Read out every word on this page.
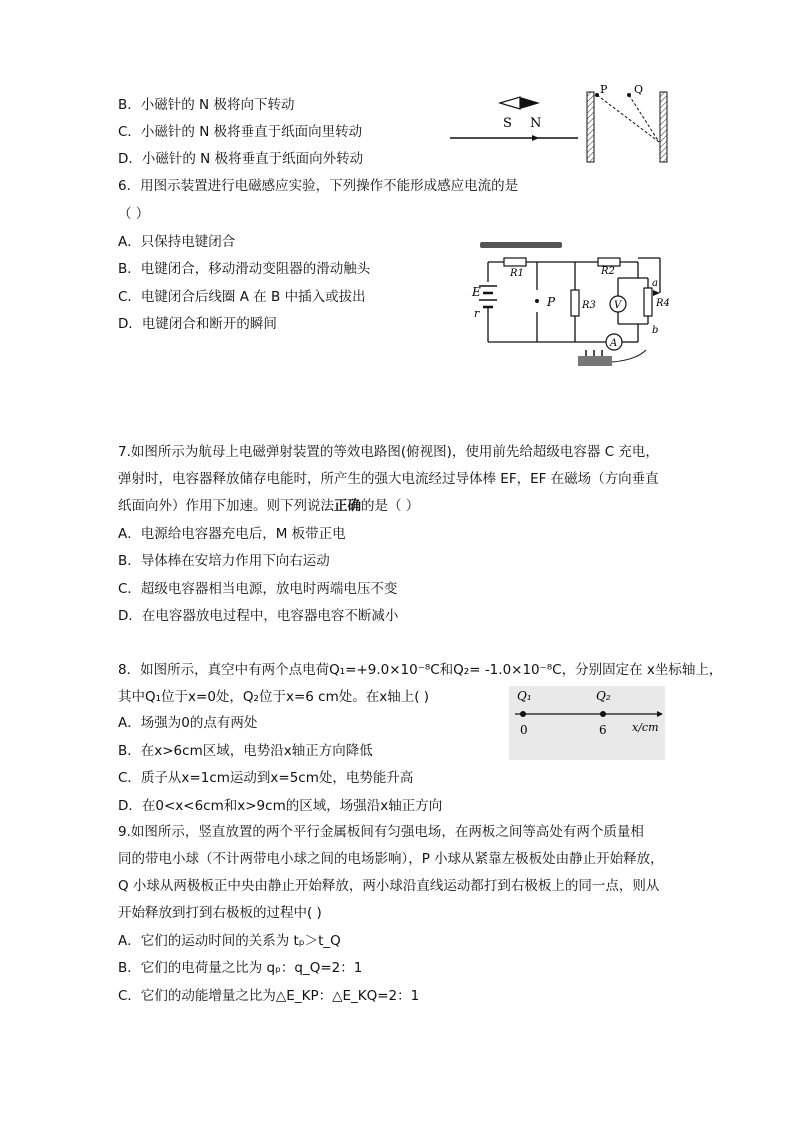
B．小磁针的 N 极将向下转动
C．小磁针的 N 极将垂直于纸面向里转动
D．小磁针的 N 极将垂直于纸面向外转动
S N
P Q
6．用图示装置进行电磁感应实验，下列操作不能形成感应电流的是
（ ）
A．只保持电键闭合
B．电键闭合，移动滑动变阻器的滑动触头
C．电键闭合后线圈 A 在 B 中插入或拔出
D．电键闭合和断开的瞬间
E
r
R1
P	R3
R2
V
a
b
R4
A
7.如图所示为航母上电磁弹射装置的等效电路图(俯视图)，使用前先给超级电容器 C 充电，
弹射时，电容器释放储存电能时，所产生的强大电流经过导体棒 EF，EF 在磁场（方向垂直
纸面向外）作用下加速。则下列说法正确的是（ ）
A．电源给电容器充电后，M 板带正电
B．导体棒在安培力作用下向右运动
C．超级电容器相当电源，放电时两端电压不变
D．在电容器放电过程中，电容器电容不断减小
8．如图所示，真空中有两个点电荷Q₁=+9.0×10⁻⁸C和Q₂= -1.0×10⁻⁸C，分别固定在 x坐标轴上，
其中Q₁位于x=0处，Q₂位于x=6 cm处。在x轴上( )
A．场强为0的点有两处
B．在x>6cm区域，电势沿x轴正方向降低
C．质子从x=1cm运动到x=5cm处，电势能升高
D．在0<x<6cm和x>9cm的区域，场强沿x轴正方向
Q₁	Q₂
0	6 x/cm
9.如图所示，竖直放置的两个平行金属板间有匀强电场，在两板之间等高处有两个质量相
同的带电小球（不计两带电小球之间的电场影响），P 小球从紧靠左极板处由静止开始释放，
Q 小球从两极板正中央由静止开始释放，两小球沿直线运动都打到右极板上的同一点，则从
开始释放到打到右极板的过程中( )
A．它们的运动时间的关系为 tₚ＞t_Q
B．它们的电荷量之比为 qₚ：q_Q=2：1
C．它们的动能增量之比为△E_KP：△E_KQ=2：1
